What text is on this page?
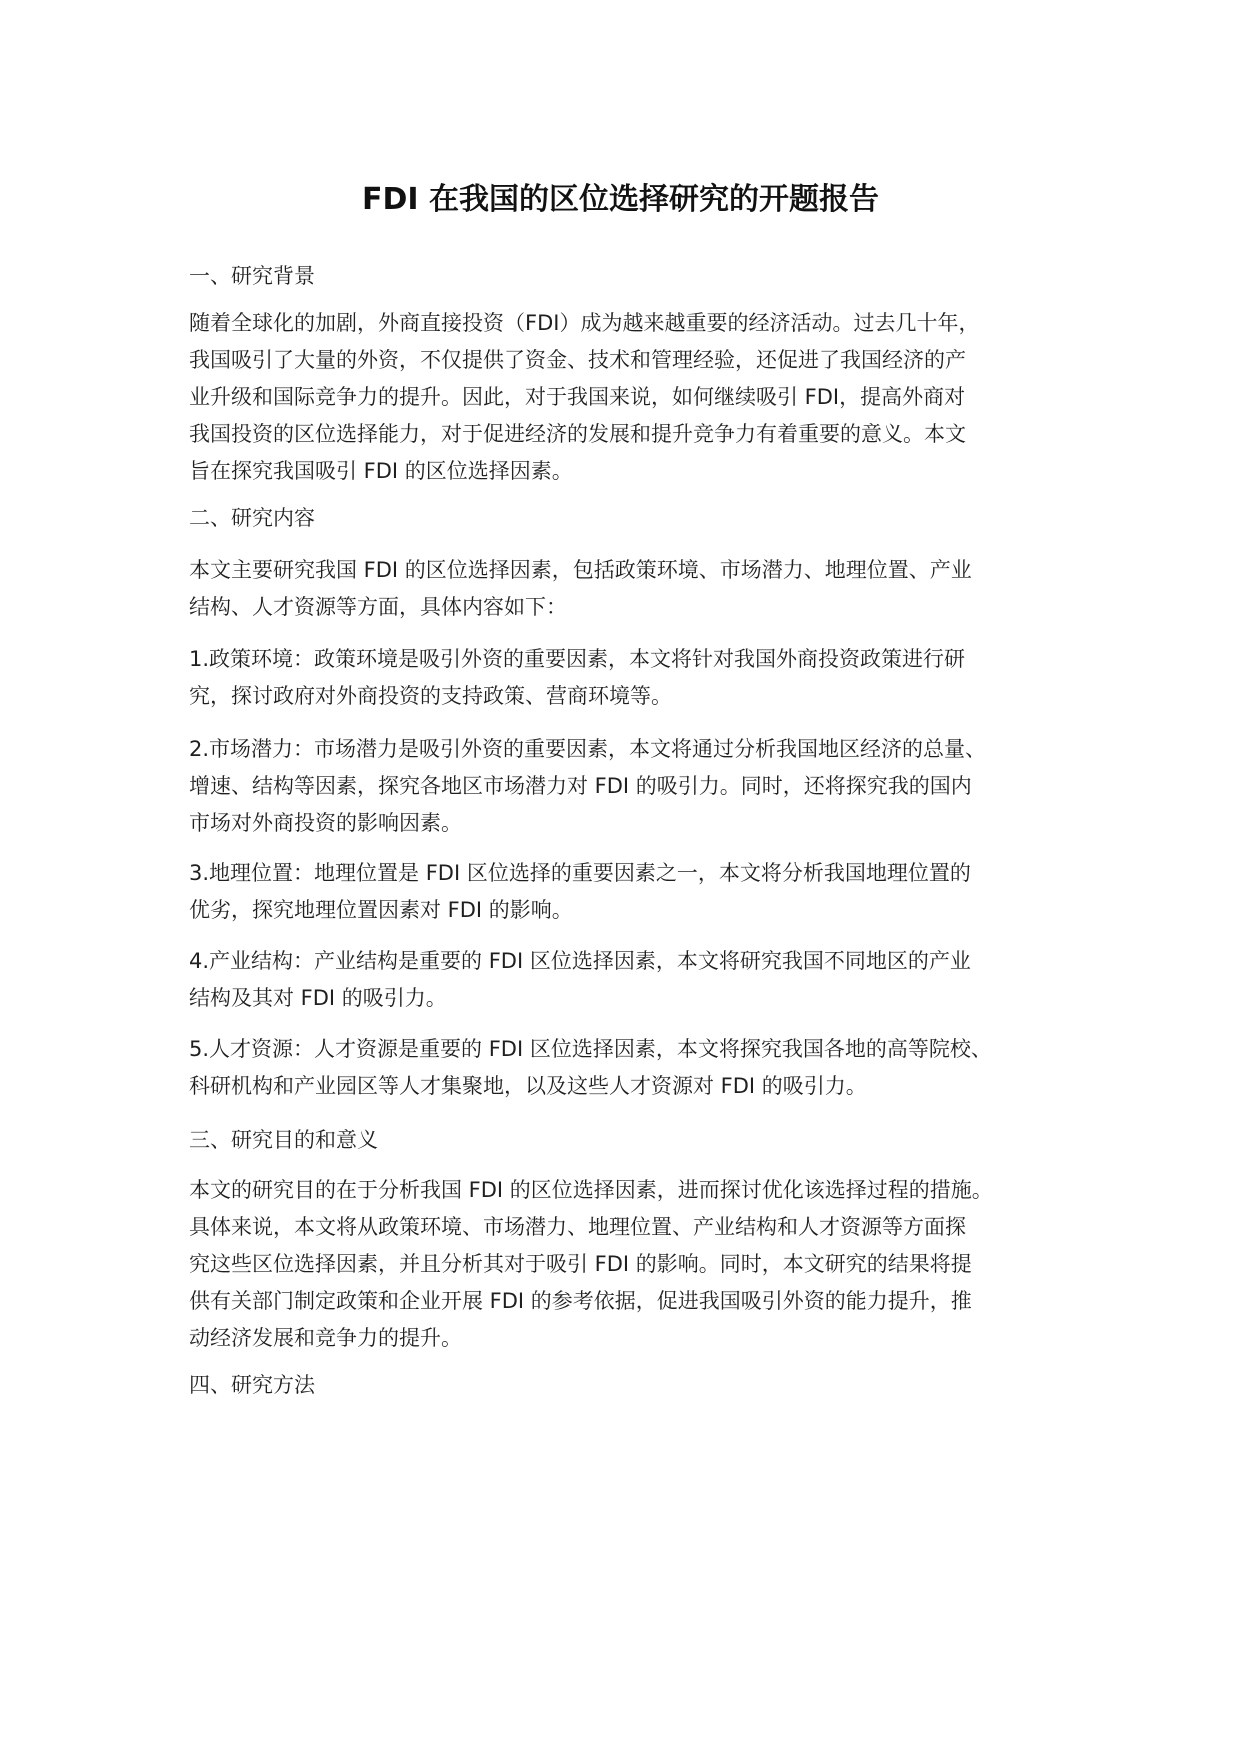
FDI 在我国的区位选择研究的开题报告
一、研究背景
随着全球化的加剧，外商直接投资（FDI）成为越来越重要的经济活动。过去几十年，
我国吸引了大量的外资，不仅提供了资金、技术和管理经验，还促进了我国经济的产
业升级和国际竞争力的提升。因此，对于我国来说，如何继续吸引 FDI，提高外商对
我国投资的区位选择能力，对于促进经济的发展和提升竞争力有着重要的意义。本文
旨在探究我国吸引 FDI 的区位选择因素。
二、研究内容
本文主要研究我国 FDI 的区位选择因素，包括政策环境、市场潜力、地理位置、产业
结构、人才资源等方面，具体内容如下：
1.政策环境：政策环境是吸引外资的重要因素，本文将针对我国外商投资政策进行研
究，探讨政府对外商投资的支持政策、营商环境等。
2.市场潜力：市场潜力是吸引外资的重要因素，本文将通过分析我国地区经济的总量、
增速、结构等因素，探究各地区市场潜力对 FDI 的吸引力。同时，还将探究我的国内
市场对外商投资的影响因素。
3.地理位置：地理位置是 FDI 区位选择的重要因素之一，本文将分析我国地理位置的
优劣，探究地理位置因素对 FDI 的影响。
4.产业结构：产业结构是重要的 FDI 区位选择因素，本文将研究我国不同地区的产业
结构及其对 FDI 的吸引力。
5.人才资源：人才资源是重要的 FDI 区位选择因素，本文将探究我国各地的高等院校、
科研机构和产业园区等人才集聚地，以及这些人才资源对 FDI 的吸引力。
三、研究目的和意义
本文的研究目的在于分析我国 FDI 的区位选择因素，进而探讨优化该选择过程的措施。
具体来说，本文将从政策环境、市场潜力、地理位置、产业结构和人才资源等方面探
究这些区位选择因素，并且分析其对于吸引 FDI 的影响。同时，本文研究的结果将提
供有关部门制定政策和企业开展 FDI 的参考依据，促进我国吸引外资的能力提升，推
动经济发展和竞争力的提升。
四、研究方法
